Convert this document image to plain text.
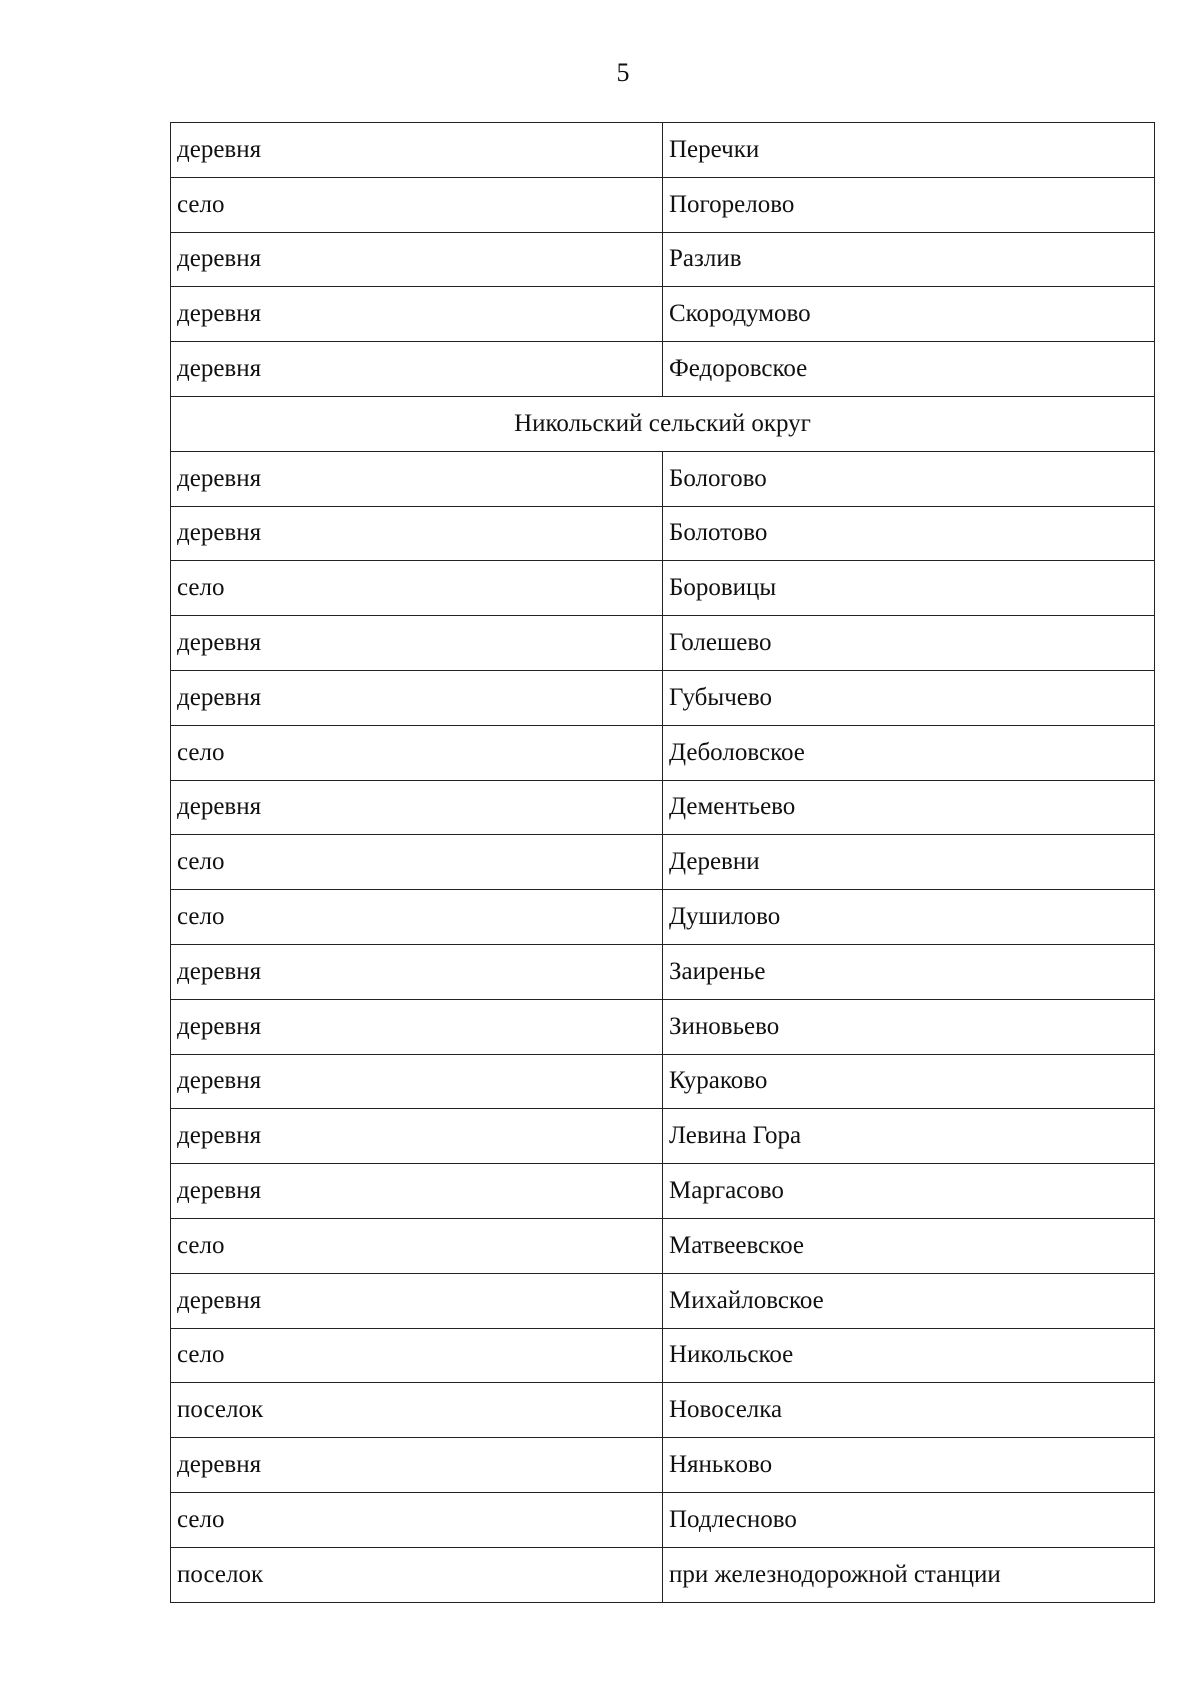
5
деревня	Перечки
село	Погорелово
деревня	Разлив
деревня	Скородумово
деревня	Федоровское
Никольский сельский округ	
деревня	Бологово
деревня	Болотово
село	Боровицы
деревня	Голешево
деревня	Губычево
село	Деболовское
деревня	Дементьево
село	Деревни
село	Душилово
деревня	Заиренье
деревня	Зиновьево
деревня	Кураково
деревня	Левина Гора
деревня	Маргасово
село	Матвеевское
деревня	Михайловское
село	Никольское
поселок	Новоселка
деревня	Нянькoво
село	Подлесново
поселок	при железнодорожной станции
